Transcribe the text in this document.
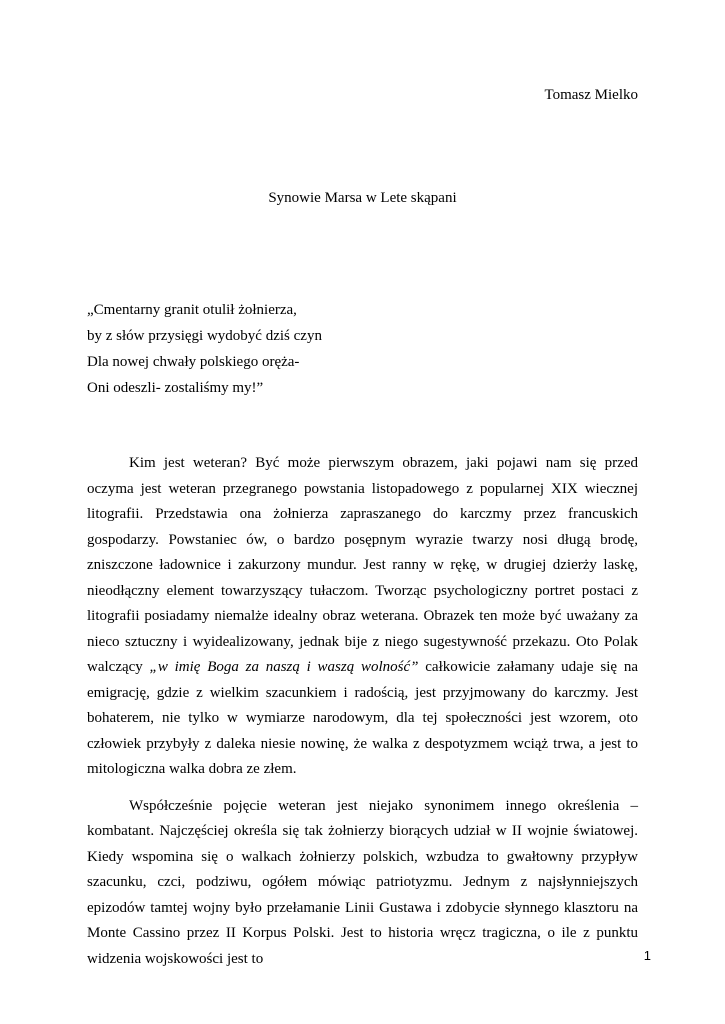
Tomasz Mielko
Synowie Marsa w Lete skąpani
„Cmentarny granit otulił żołnierza,
by z słów przysięgi wydobyć dziś czyn
Dla nowej chwały polskiego oręża-
Oni odeszli- zostaliśmy my!”

Kim jest weteran? Być może pierwszym obrazem, jaki pojawi nam się przed oczyma jest weteran przegranego powstania listopadowego z popularnej XIX wiecznej litografii. Przedstawia ona żołnierza zapraszanego do karczmy przez francuskich gospodarzy. Powstaniec ów, o bardzo posępnym wyrazie twarzy nosi długą brodę, zniszczone ładownice i zakurzony mundur. Jest ranny w rękę, w drugiej dzierży laskę, nieodłączny element towarzyszący tułaczom. Tworząc psychologiczny portret postaci z litografii posiadamy niemalże idealny obraz weterana. Obrazek ten może być uważany za nieco sztuczny i wyidealizowany, jednak bije z niego sugestywność przekazu. Oto Polak walczący „w imię Boga za naszą i waszą wolność” całkowicie załamany udaje się na emigrację, gdzie z wielkim szacunkiem i radością, jest przyjmowany do karczmy. Jest bohaterem, nie tylko w wymiarze narodowym, dla tej społeczności jest wzorem, oto człowiek przybyły z daleka niesie nowinę, że walka z despotyzmem wciąż trwa, a jest to mitologiczna walka dobra ze złem.

Współcześnie pojęcie weteran jest niejako synonimem innego określenia – kombatant. Najczęściej określa się tak żołnierzy biorących udział w II wojnie światowej. Kiedy wspomina się o walkach żołnierzy polskich, wzbudza to gwałtowny przypływ szacunku, czci, podziwu, ogółem mówiąc patriotyzmu. Jednym z najsłynniejszych epizodów tamtej wojny było przełamanie Linii Gustawa i zdobycie słynnego klasztoru na Monte Cassino przez II Korpus Polski. Jest to historia wręcz tragiczna, o ile z punktu widzenia wojskowości jest to	1
